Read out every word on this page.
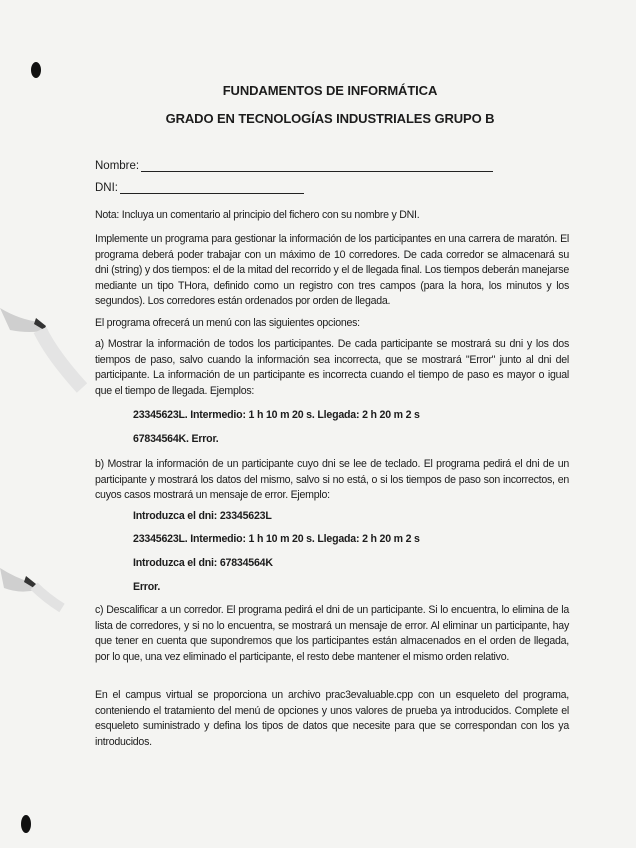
FUNDAMENTOS DE INFORMÁTICA
GRADO EN TECNOLOGÍAS INDUSTRIALES GRUPO B
Nombre:
DNI:

Nota: Incluya un comentario al principio del fichero con su nombre y DNI.

Implemente un programa para gestionar la información de los participantes en una carrera de maratón. El programa deberá poder trabajar con un máximo de 10 corredores. De cada corredor se almacenará su dni (string) y dos tiempos: el de la mitad del recorrido y el de llegada final. Los tiempos deberán manejarse mediante un tipo THora, definido como un registro con tres campos (para la hora, los minutos y los segundos). Los corredores están ordenados por orden de llegada.

El programa ofrecerá un menú con las siguientes opciones:

a) Mostrar la información de todos los participantes. De cada participante se mostrará su dni y los dos tiempos de paso, salvo cuando la información sea incorrecta, que se mostrará "Error" junto al dni del participante. La información de un participante es incorrecta cuando el tiempo de paso es mayor o igual que el tiempo de llegada. Ejemplos:

23345623L. Intermedio: 1 h 10 m 20 s. Llegada: 2 h 20 m 2 s

67834564K. Error.

b) Mostrar la información de un participante cuyo dni se lee de teclado. El programa pedirá el dni de un participante y mostrará los datos del mismo, salvo si no está, o si los tiempos de paso son incorrectos, en cuyos casos mostrará un mensaje de error. Ejemplo:

Introduzca el dni: 23345623L

23345623L. Intermedio: 1 h 10 m 20 s. Llegada: 2 h 20 m 2 s

Introduzca el dni: 67834564K

Error.

c) Descalificar a un corredor. El programa pedirá el dni de un participante. Si lo encuentra, lo elimina de la lista de corredores, y si no lo encuentra, se mostrará un mensaje de error. Al eliminar un participante, hay que tener en cuenta que supondremos que los participantes están almacenados en el orden de llegada, por lo que, una vez eliminado el participante, el resto debe mantener el mismo orden relativo.

En el campus virtual se proporciona un archivo prac3evaluable.cpp con un esqueleto del programa, conteniendo el tratamiento del menú de opciones y unos valores de prueba ya introducidos. Complete el esqueleto suministrado y defina los tipos de datos que necesite para que se correspondan con los ya introducidos.
